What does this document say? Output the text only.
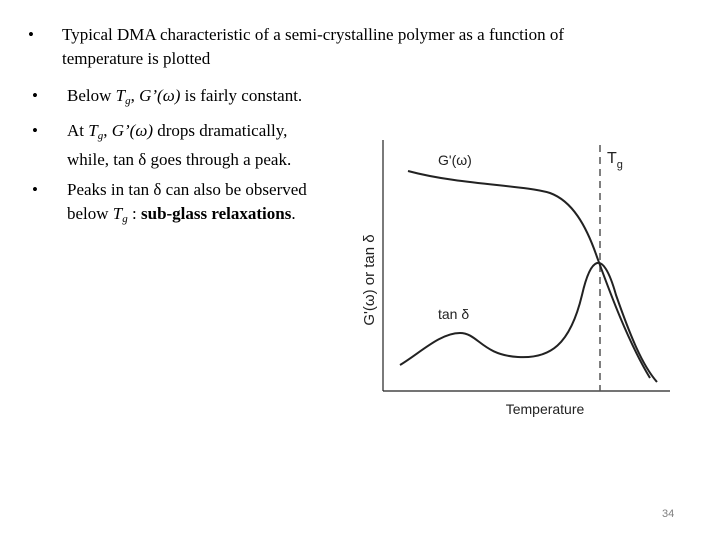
• Typical DMA characteristic of a semi-crystalline polymer as a function of
temperature is plotted
• Below $T_g$, G’(ω) is fairly constant.
• At $T_g$, G’(ω) drops dramatically,
while, tan δ goes through a peak.
• Peaks in tan δ can also be observed
below $T_g$ : sub-glass relaxations.
G'(ω) or tan δ
Temperature
G'(ω)
tan δ
$T_g$
34
